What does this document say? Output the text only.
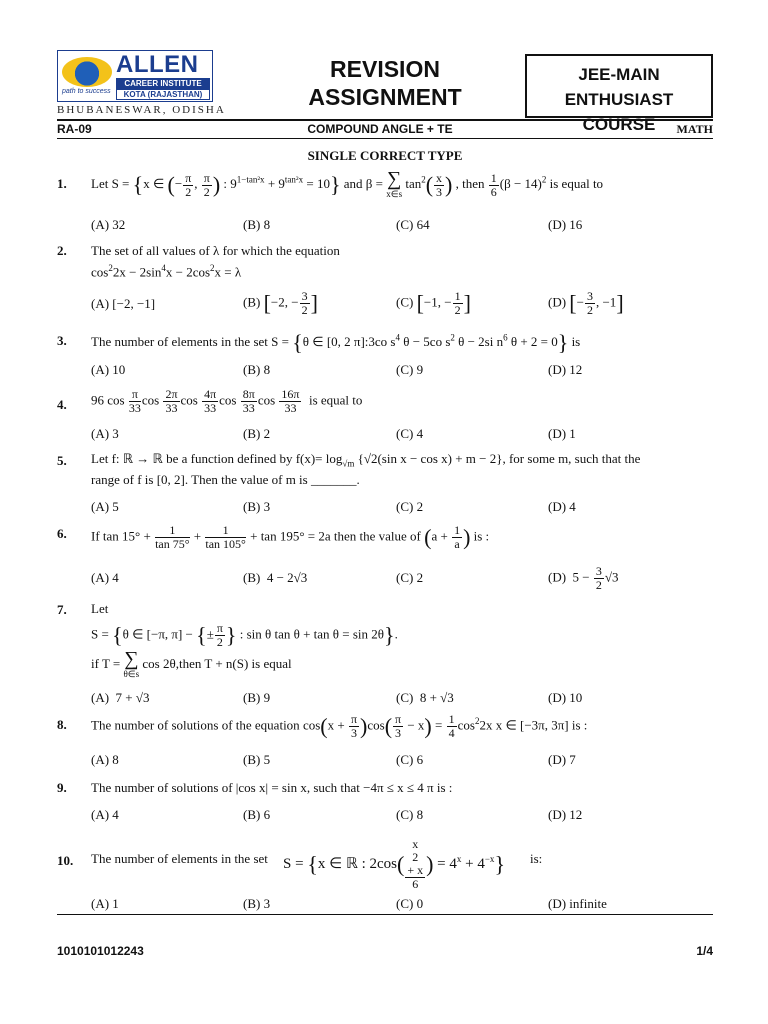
path to success
ALLEN
CAREER INSTITUTE
KOTA (RAJASTHAN)
BHUBANESWAR, ODISHA
REVISION
ASSIGNMENT
JEE-MAIN
ENTHUSIAST COURSE
RA-09	COMPOUND ANGLE + TE	MATH
SINGLE CORRECT TYPE
1. Let S = {x ∈ (− $\frac{\pi}{2}$ , $\frac{\pi}{2}$ ) : $9^{1-tan^2x} + 9^{tan^2x} = 10$} and β = ∑
x∈s
$\tan^2( \frac{x}{3}$ ) , then $\frac{1}{6} (\beta - 14)^2$ is equal to
(A) 32	(B) 8	(C) 64	(D) 16
2. The set of all values of λ for which the equation
$\cos^22x - 2\sin^4x - 2\cos^2x = \lambda$
(A) [−2, −1]	(B) [−2, − $\frac{3}{2}$ ]	(C) [−1, − $\frac{1}{2}$ ]	(D) [− $\frac{3}{2}$ , −1]
3. The number of elements in the set S = {θ ∈ [0, 2 π]:3co $s^4$ θ − 5co $s^2$ θ − 2si $n^6$ θ + 2 = 0} is
(A) 10	(B) 8	(C) 9	(D) 12
4. 96 $\cos \frac{\pi}{33}$ $\cos \frac{2\pi}{33}$ $\cos \frac{4\pi}{33}$ $\cos \frac{8\pi}{33}$ $\cos \frac{16\pi}{33}$ is equal to
(A) 3	(B) 2	(C) 4	(D) 1
5. Let f: ℝ → ℝ be a function defined by $f(x)= \log_{√m} \{√2(\sin$ x − cos x) + m − 2}, for some m, such that the
range of f is [0, 2]. Then the value of m is _______.
(A) 5	(B) 3	(C) 2	(D) 4
6. If $\tan 15^\circ + \frac{1}{\tan 75^\circ} + \frac{1}{\tan 105^\circ} + \tan 195^\circ = 2a$ then the value of ($a + \frac{1}{a}$ ) is :
(A) 4	(B)  4 − 2√3	(C) 2	(D)  $5 - \frac{3}{2} √3$
7. Let
S = {θ ∈ [−π, π] − {± $\frac{\pi}{2}$ } : sin θ tan θ + tan θ = sin 2θ}.
if T = ∑
θ∈s
cos 2θ,then T + n(S) is equal
(A)  7 + √3	(B) 9	(C)  8 + √3	(D) 10
8. The number of solutions of the equation $\cos(x + \frac{\pi}{3} )\cos( \frac{\pi}{3} - x) = \frac{1}{4} \cos^22x$ x ∈ [−3π, 3π] is :
(A) 8	(B) 5	(C) 6	(D) 7
9. The number of solutions of |cos x| = sin x, such that −4π ≤ x ≤ 4 π is :
(A) 4	(B) 6	(C) 8	(D) 12
10. The number of elements in the set S = {x ∈ ℝ : 2cos( x
2
+ x
6 ) = $4^x + 4^{-x}$} is:
(A) 1	(B) 3	(C) 0	(D) infinite
1010101012243	1/4
